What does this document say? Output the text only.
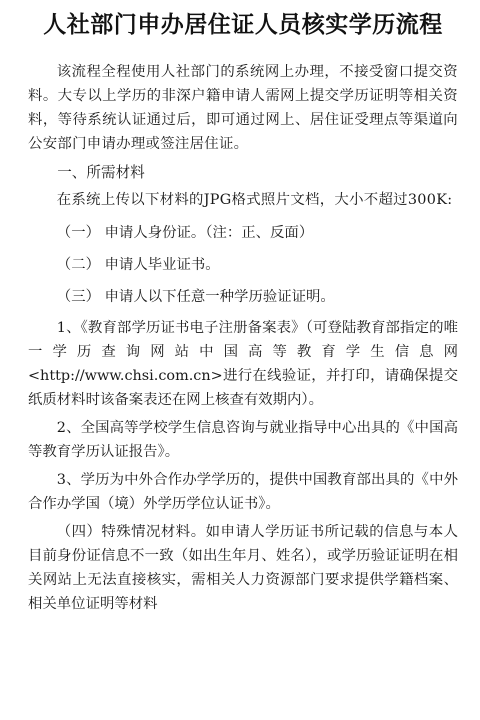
人社部门申办居住证人员核实学历流程

该流程全程使用人社部门的系统网上办理，不接受窗口提交资料。大专以上学历的非深户籍申请人需网上提交学历证明等相关资料，等待系统认证通过后，即可通过网上、居住证受理点等渠道向公安部门申请办理或签注居住证。

一、所需材料

在系统上传以下材料的JPG格式照片文档，大小不超过300K:

（一） 申请人身份证。（注：正、反面）

（二） 申请人毕业证书。

（三） 申请人以下任意一种学历验证证明。

1、《教育部学历证书电子注册备案表》（可登陆教育部指定的唯一学历查询网站中国高等教育学生信息网<http://www.chsi.com.cn>进行在线验证，并打印，请确保提交纸质材料时该备案表还在网上核查有效期内）。

2、全国高等学校学生信息咨询与就业指导中心出具的《中国高等教育学历认证报告》。

3、学历为中外合作办学学历的，提供中国教育部出具的《中外合作办学国（境）外学历学位认证书》。

（四）特殊情况材料。如申请人学历证书所记载的信息与本人目前身份证信息不一致（如出生年月、姓名），或学历验证证明在相关网站上无法直接核实，需相关人力资源部门要求提供学籍档案、相关单位证明等材料
